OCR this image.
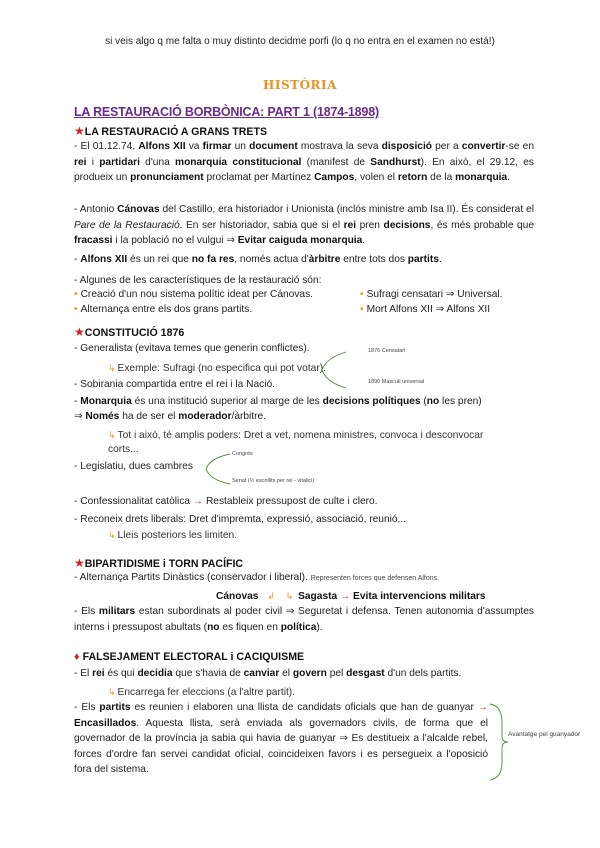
si veis algo q me falta o muy distinto decidme porfi (lo q no entra en el examen no está!)
HISTÒRIA
LA RESTAURACIÓ BORBÒNICA: PART 1 (1874-1898)
★LA RESTAURACIÓ A GRANS TRETS
- El 01.12.74, Alfons XII va firmar un document mostrava la seva disposició per a convertir-se en rei i partidari d'una monarquia constitucional (manifest de Sandhurst). En això, el 29.12, es produeix un pronunciament proclamat per Martínez Campos, volen el retorn de la monarquia.
- Antonio Cánovas del Castillo, era historiador i Unionista (inclós ministre amb Isa II). És considerat el Pare de la Restauració. En ser historiador, sabia que si el rei pren decisions, és més probable que fracassi i la població no el vulgui ⇒ Evitar caiguda monarquia.
- Alfons XII és un rei que no fa res, només actua d'àrbitre entre tots dos partits.
- Algunes de les característiques de la restauració són:
• Creació d'un nou sistema polític ideat per Cánovas.
• Alternança entre els dos grans partits.
• Sufragi censatari ⇒ Universal.
• Mort Alfons XII ⇒ Alfons XII
★CONSTITUCIÓ 1876
- Generalista (evitava temes que generin conflictes).
↳ Exemple: Sufragi (no especifica qui pot votar).
1876 Censatari
1890 Masculí universal
- Sobirania compartida entre el rei i la Nació.
- Monarquia és una institució superior al marge de les decisions polítiques (no les pren)
⇒ Només ha de ser el moderador/àrbitre.
↳ Tot i això, té amplis poders: Dret a vet, nomena ministres, convoca i desconvocar
corts...
- Legislatiu, dues cambres
Congrés
Senat (½ escollits per rei - vitalici)
- Confessionalitat catòlica → Restableix pressupost de culte i clero.
- Reconeix drets liberals: Dret d'impremta, expressió, associació, reunió...
↳ Lleis posteriors les limiten.
★BIPARTIDISME i TORN PACÍFIC
- Alternança Partits Dinàstics (conservador i liberal). Representen forces que defensen Alfons.
Cánovas ↲ ↳ Sagasta → Evita intervencions militars
- Els militars estan subordinats al poder civil ⇒ Seguretat i defensa. Tenen autonomia d'assumptes interns i pressupost abultats (no es fiquen en política).
♦ FALSEJAMENT ELECTORAL i CACIQUISME
- El rei és qui decidia que s'havia de canviar el govern pel desgast d'un dels partits.
↳ Encarrega fer eleccions (a l'altre partit).
- Els partits es reunien i elaboren una llista de candidats oficials que han de guanyar → Encasillados. Aquesta llista, serà enviada als governadors civils, de forma que el governador de la província ja sabia qui havia de guanyar ⇒ Es destitueix a l'alcalde rebel, forces d'ordre fan servei candidat oficial, coincideixen favors i es persegueix a l'oposició fora del sistema.
Avantatge pel guanyador
